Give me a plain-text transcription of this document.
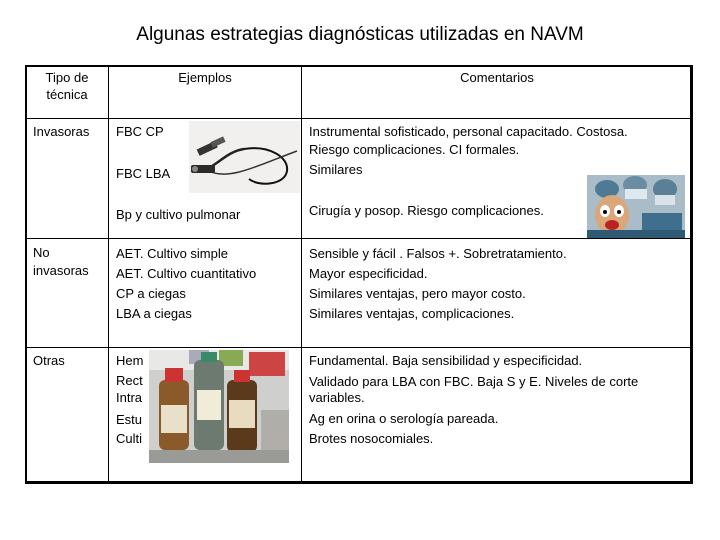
Algunas estrategias diagnósticas utilizadas en NAVM
Tipo de
técnica
Ejemplos	Comentarios
Invasoras FBC CP
FBC LBA
Bp y cultivo pulmonar
Instrumental sofisticado, personal capacitado. Costosa.
Riesgo complicaciones. CI formales.
Similares
Cirugía y posop. Riesgo complicaciones.
No
invasoras
AET. Cultivo simple
AET. Cultivo cuantitativo
CP a ciegas
LBA a ciegas
Sensible y fácil . Falsos +. Sobretratamiento.
Mayor especificidad.
Similares ventajas, pero mayor costo.
Similares ventajas, complicaciones.
Otras	Hem
Rect
Intra
Estu
Culti
Fundamental. Baja sensibilidad y especificidad.
Validado para LBA con FBC. Baja S y E. Niveles de corte
variables.
Ag en orina o serología pareada.
Brotes nosocomiales.
